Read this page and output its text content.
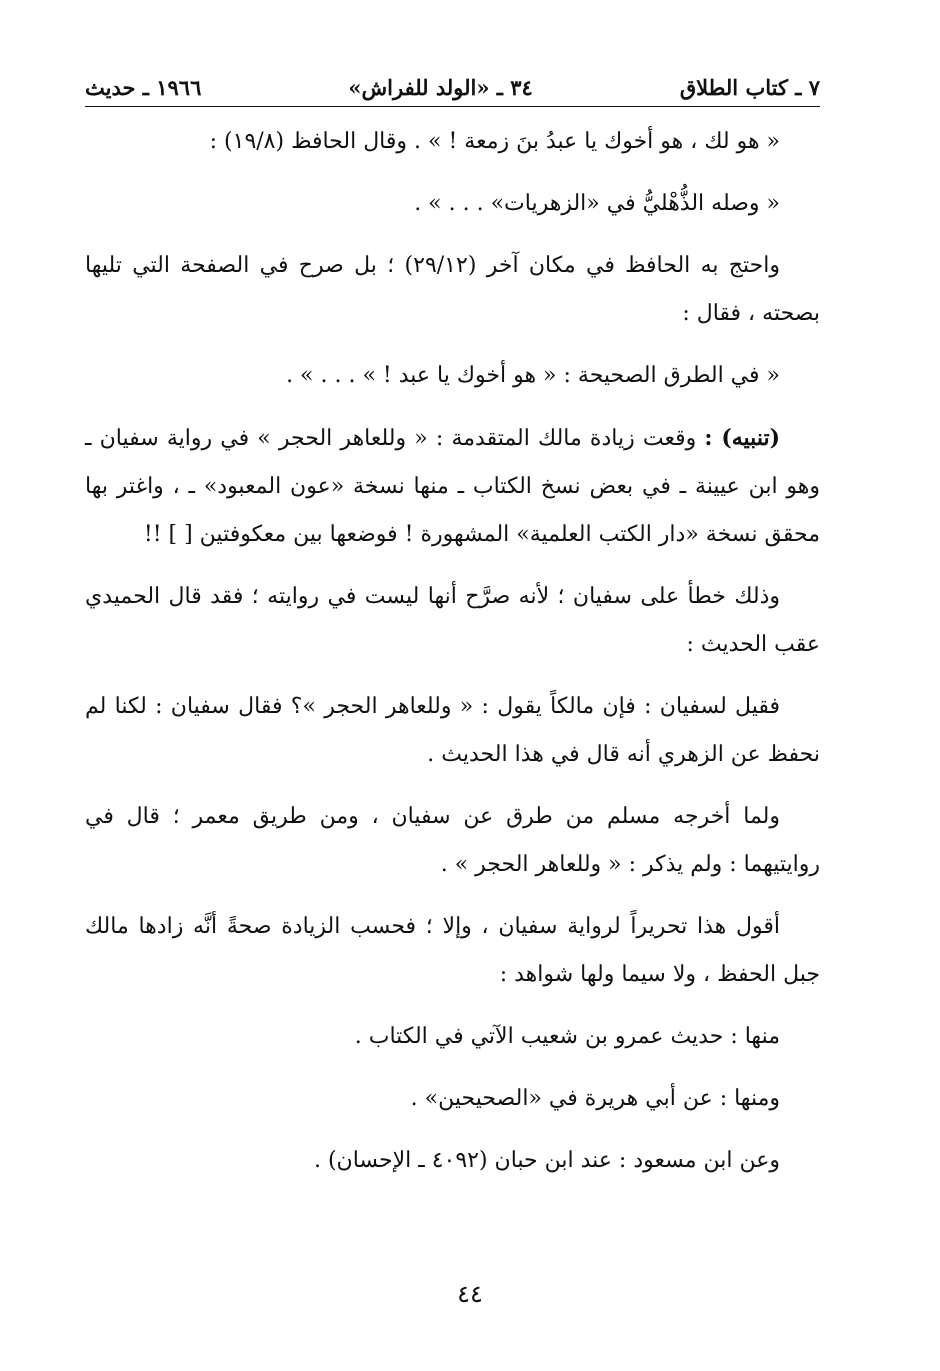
٧ ـ كتاب الطلاق
٣٤ ـ «الولد للفراش»
١٩٦٦ ـ حديث
« هو لك ، هو أخوك يا عبدُ بنَ زمعة ! » . وقال الحافظ (١٩/٨) :
« وصله الذُّهْليُّ في «الزهريات» . . . » .
واحتج به الحافظ في مكان آخر (٢٩/١٢) ؛ بل صرح في الصفحة التي تليها بصحته ، فقال :
« في الطرق الصحيحة : « هو أخوك يا عبد ! » . . . » .
(تنبيه) : وقعت زيادة مالك المتقدمة : « وللعاهر الحجر » في رواية سفيان ـ وهو ابن عيينة ـ في بعض نسخ الكتاب ـ منها نسخة «عون المعبود» ـ ، واغتر بها محقق نسخة «دار الكتب العلمية» المشهورة ! فوضعها بين معكوفتين [ ] !!
وذلك خطأ على سفيان ؛ لأنه صرَّح أنها ليست في روايته ؛ فقد قال الحميدي عقب الحديث :
فقيل لسفيان : فإن مالكاً يقول : « وللعاهر الحجر »؟ فقال سفيان : لكنا لم نحفظ عن الزهري أنه قال في هذا الحديث .
ولما أخرجه مسلم من طرق عن سفيان ، ومن طريق معمر ؛ قال في روايتيهما : ولم يذكر : « وللعاهر الحجر » .
أقول هذا تحريراً لرواية سفيان ، وإلا ؛ فحسب الزيادة صحةً أنَّه زادها مالك جبل الحفظ ، ولا سيما ولها شواهد :
منها : حديث عمرو بن شعيب الآتي في الكتاب .
ومنها : عن أبي هريرة في «الصحيحين» .
وعن ابن مسعود : عند ابن حبان (٤٠٩٢ ـ الإحسان) .
٤٤
